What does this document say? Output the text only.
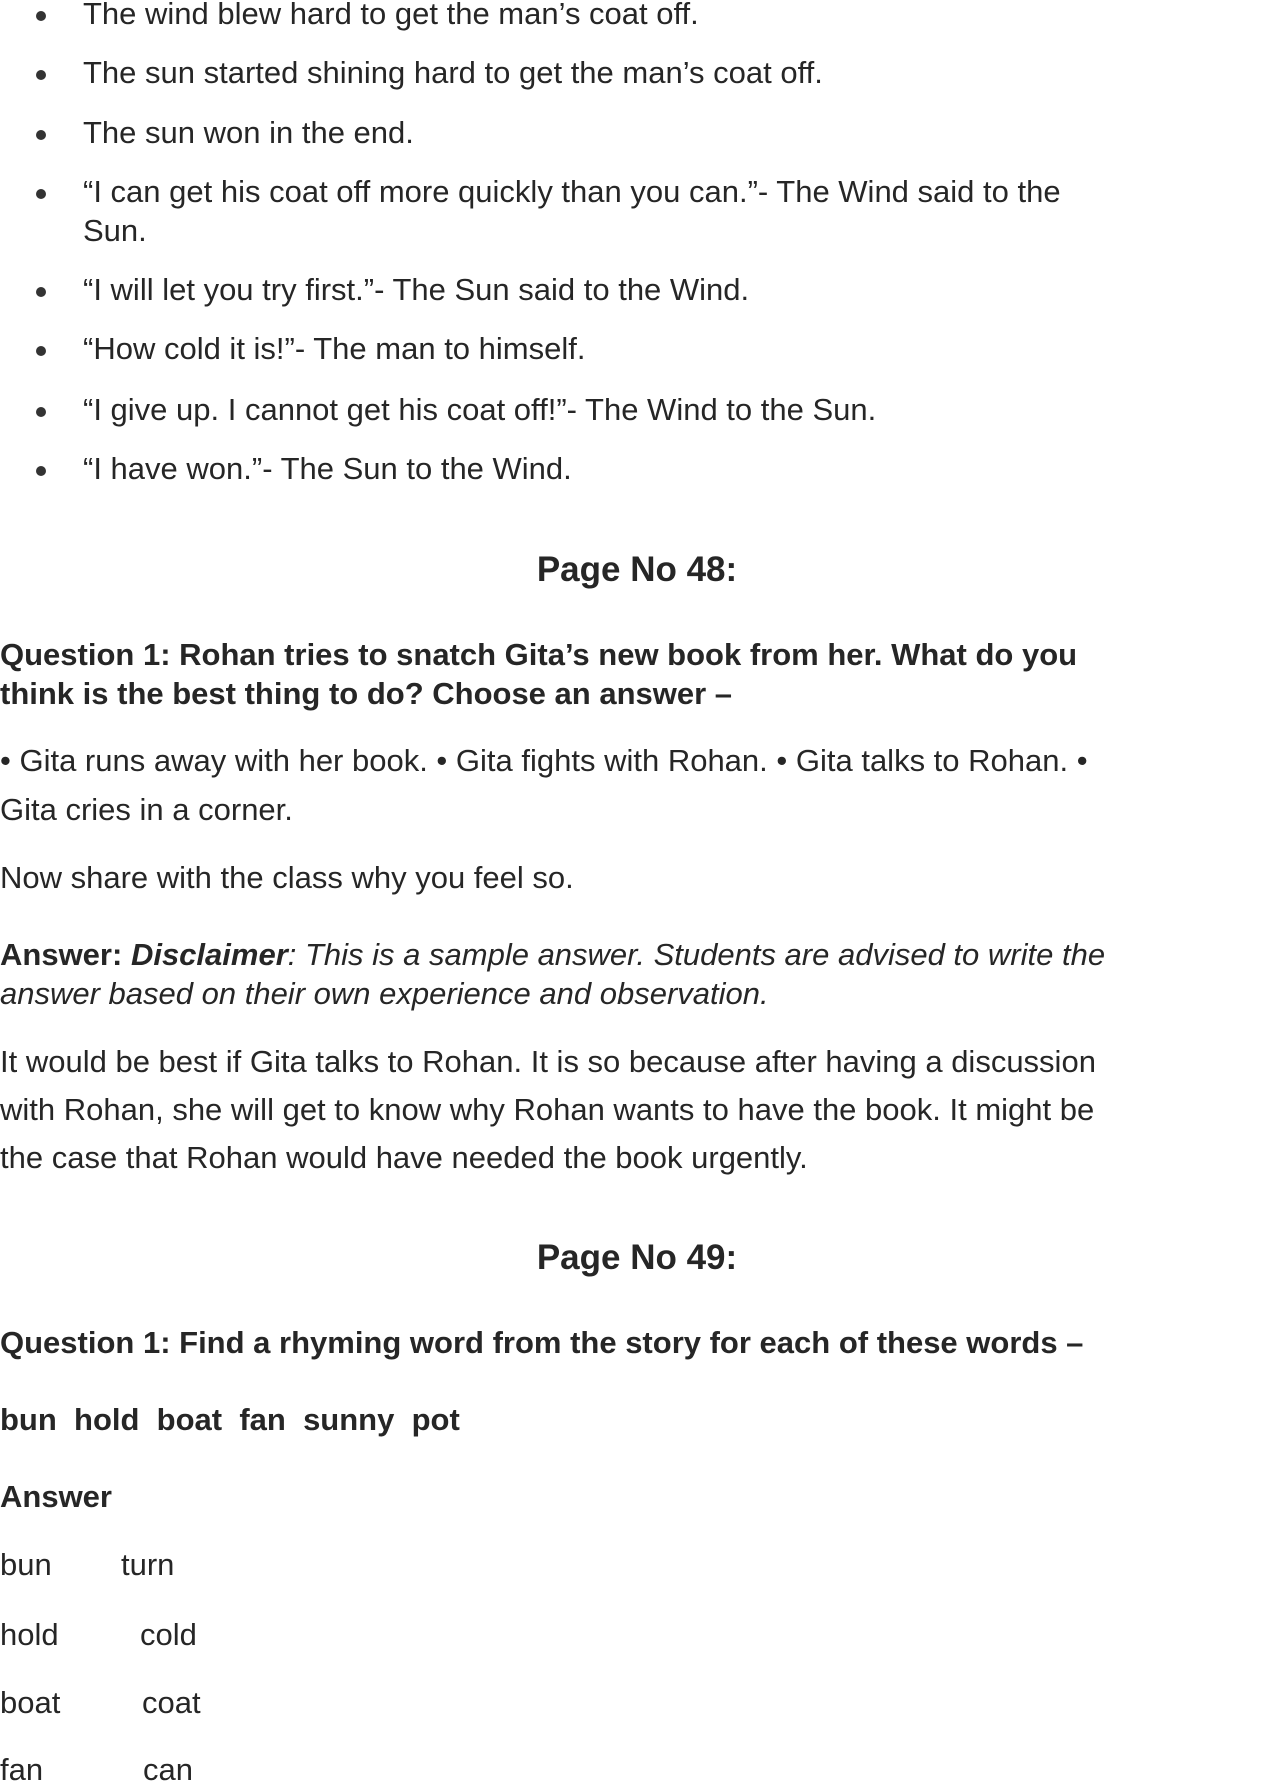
The wind blew hard to get the man’s coat off.
The sun started shining hard to get the man’s coat off.
The sun won in the end.
“I can get his coat off more quickly than you can.”- The Wind said to the
Sun.
“I will let you try first.”- The Sun said to the Wind.
“How cold it is!”- The man to himself.
“I give up. I cannot get his coat off!”- The Wind to the Sun.
“I have won.”- The Sun to the Wind.
Page No 48:
Question 1: Rohan tries to snatch Gita’s new book from her. What do you
think is the best thing to do? Choose an answer –
• Gita runs away with her book. • Gita fights with Rohan. • Gita talks to Rohan. •
Gita cries in a corner.
Now share with the class why you feel so.
Answer: Disclaimer: This is a sample answer. Students are advised to write the
answer based on their own experience and observation.
It would be best if Gita talks to Rohan. It is so because after having a discussion
with Rohan, she will get to know why Rohan wants to have the book. It might be
the case that Rohan would have needed the book urgently.
Page No 49:
Question 1: Find a rhyming word from the story for each of these words –
bun  hold  boat  fan  sunny  pot
Answer
bun turn
hold	cold
boat	coat
fan	can
